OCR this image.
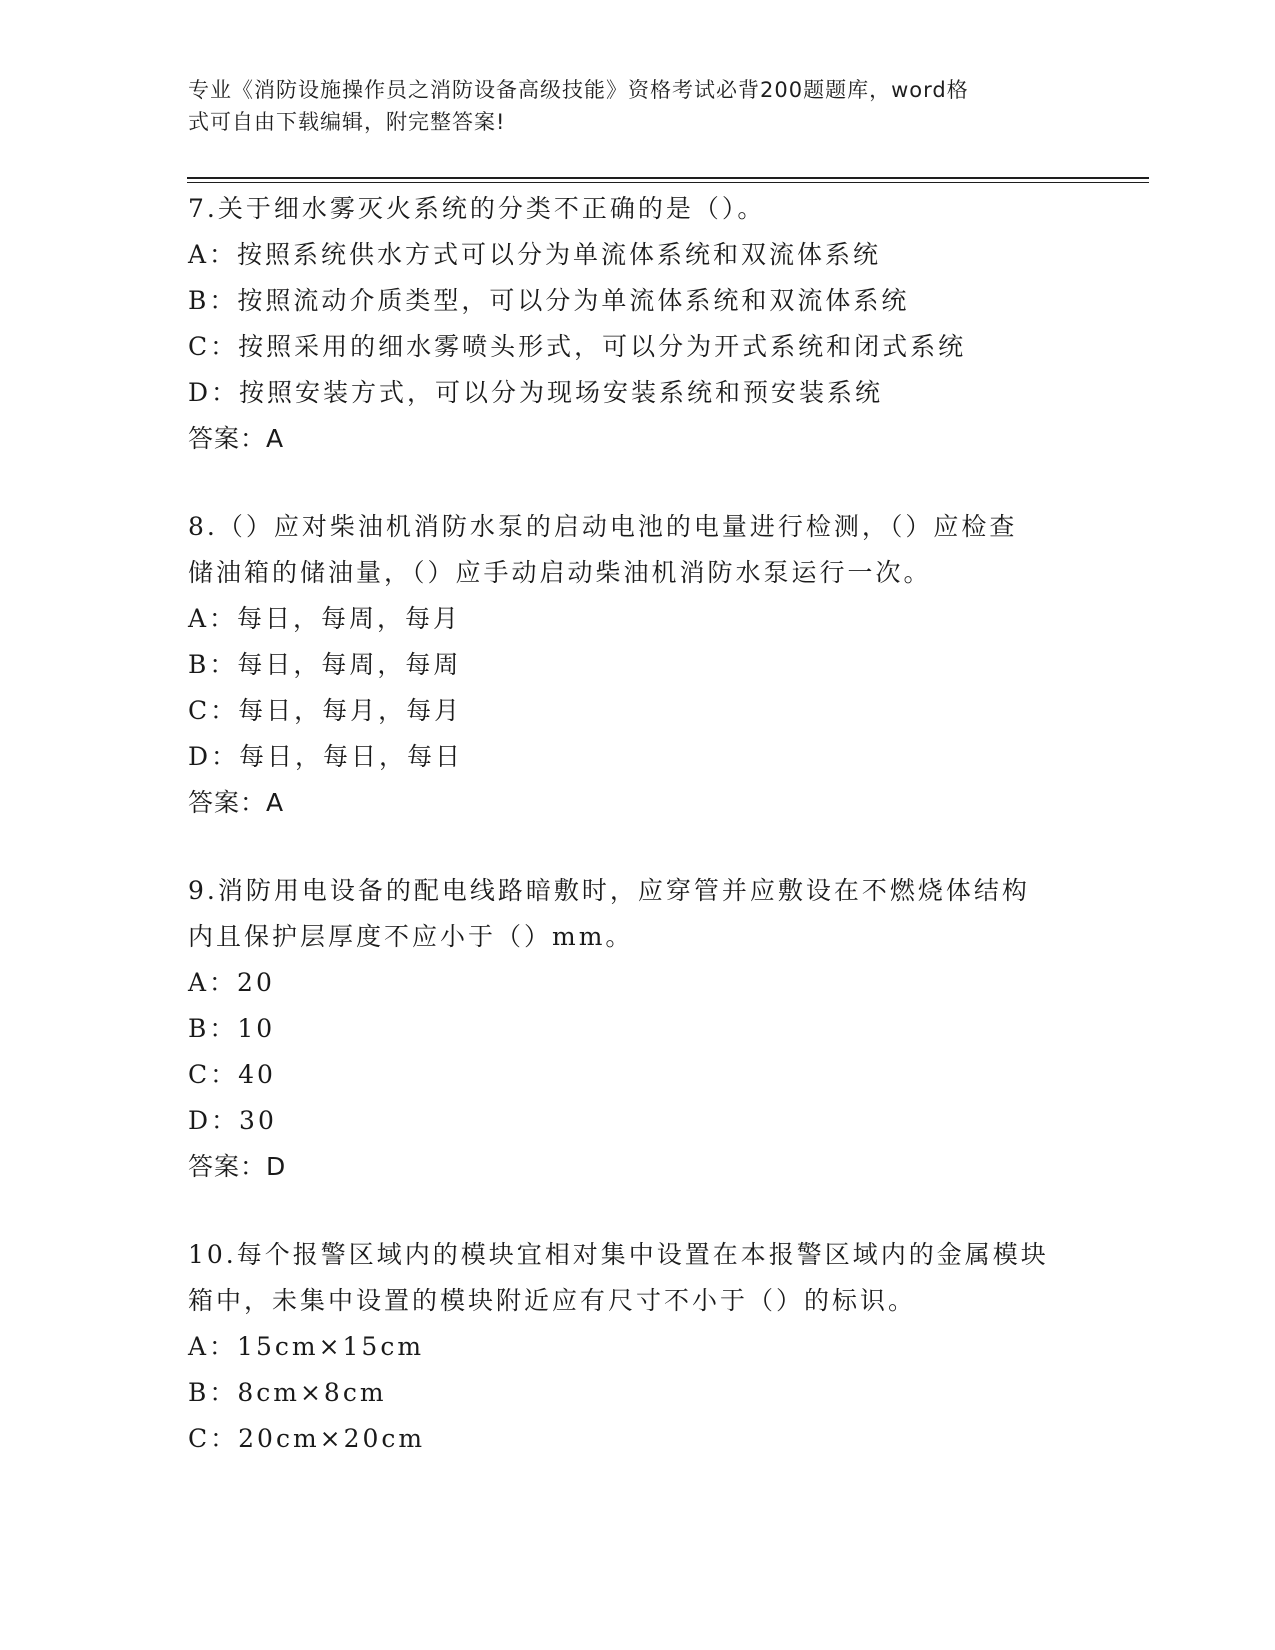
专业《消防设施操作员之消防设备高级技能》资格考试必背200题题库，word格
式可自由下载编辑，附完整答案!
7.关于细水雾灭火系统的分类不正确的是（）。
A：按照系统供水方式可以分为单流体系统和双流体系统
B：按照流动介质类型，可以分为单流体系统和双流体系统
C：按照采用的细水雾喷头形式，可以分为开式系统和闭式系统
D：按照安装方式，可以分为现场安装系统和预安装系统
答案：A
8.（）应对柴油机消防水泵的启动电池的电量进行检测，（）应检查
储油箱的储油量，（）应手动启动柴油机消防水泵运行一次。
A：每日，每周，每月
B：每日，每周，每周
C：每日，每月，每月
D：每日，每日，每日
答案：A
9.消防用电设备的配电线路暗敷时，应穿管并应敷设在不燃烧体结构
内且保护层厚度不应小于（）mm。
A：20
B：10
C：40
D：30
答案：D
10.每个报警区域内的模块宜相对集中设置在本报警区域内的金属模块
箱中，未集中设置的模块附近应有尺寸不小于（）的标识。
A：15cm×15cm
B：8cm×8cm
C：20cm×20cm
